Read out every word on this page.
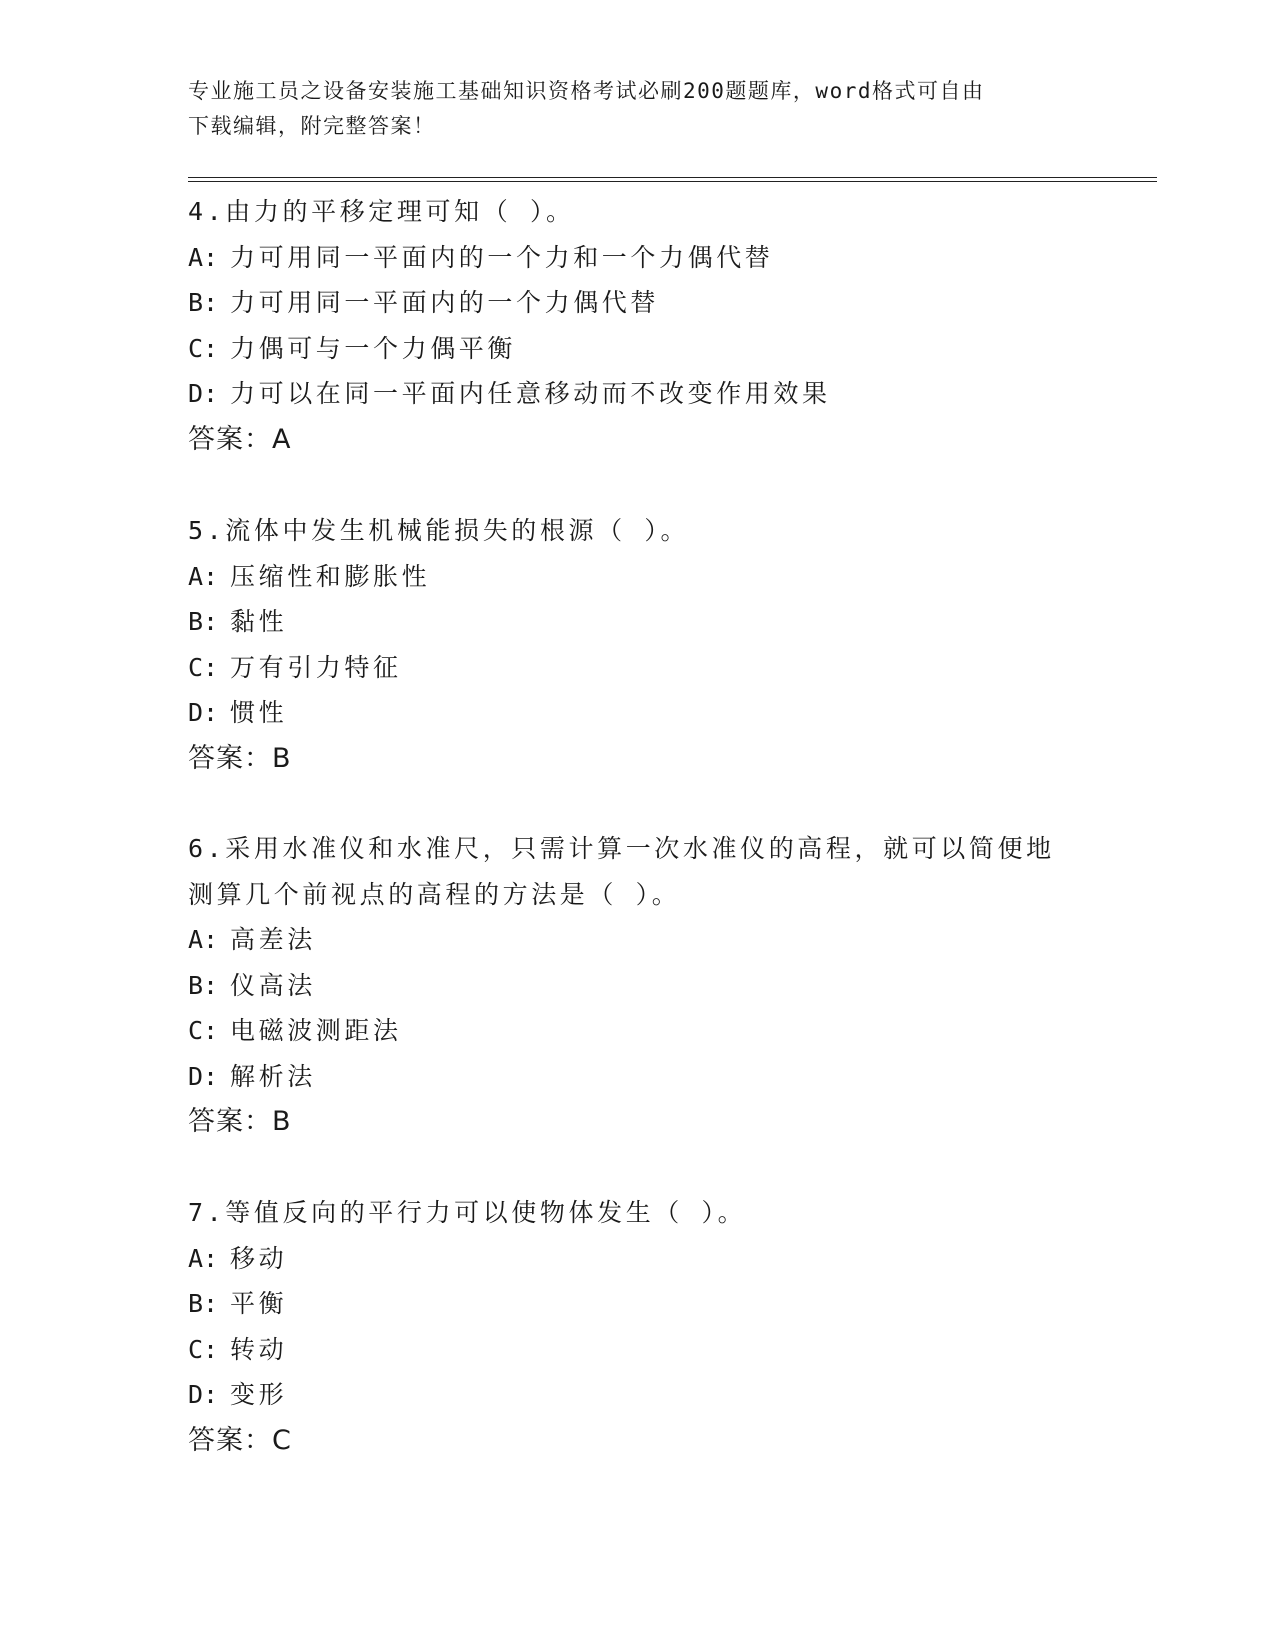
专业施工员之设备安装施工基础知识资格考试必刷200题题库，word格式可自由
下载编辑，附完整答案！

4.由力的平移定理可知（ ）。

A: 力可用同一平面内的一个力和一个力偶代替

B: 力可用同一平面内的一个力偶代替

C: 力偶可与一个力偶平衡

D: 力可以在同一平面内任意移动而不改变作用效果

答案：A

5.流体中发生机械能损失的根源（ ）。

A: 压缩性和膨胀性

B: 黏性

C: 万有引力特征

D: 惯性

答案：B

6.采用水准仪和水准尺，只需计算一次水准仪的高程，就可以简便地

测算几个前视点的高程的方法是（ ）。

A: 高差法

B: 仪高法

C: 电磁波测距法

D: 解析法

答案：B

7.等值反向的平行力可以使物体发生（ ）。

A: 移动

B: 平衡

C: 转动

D: 变形

答案：C
